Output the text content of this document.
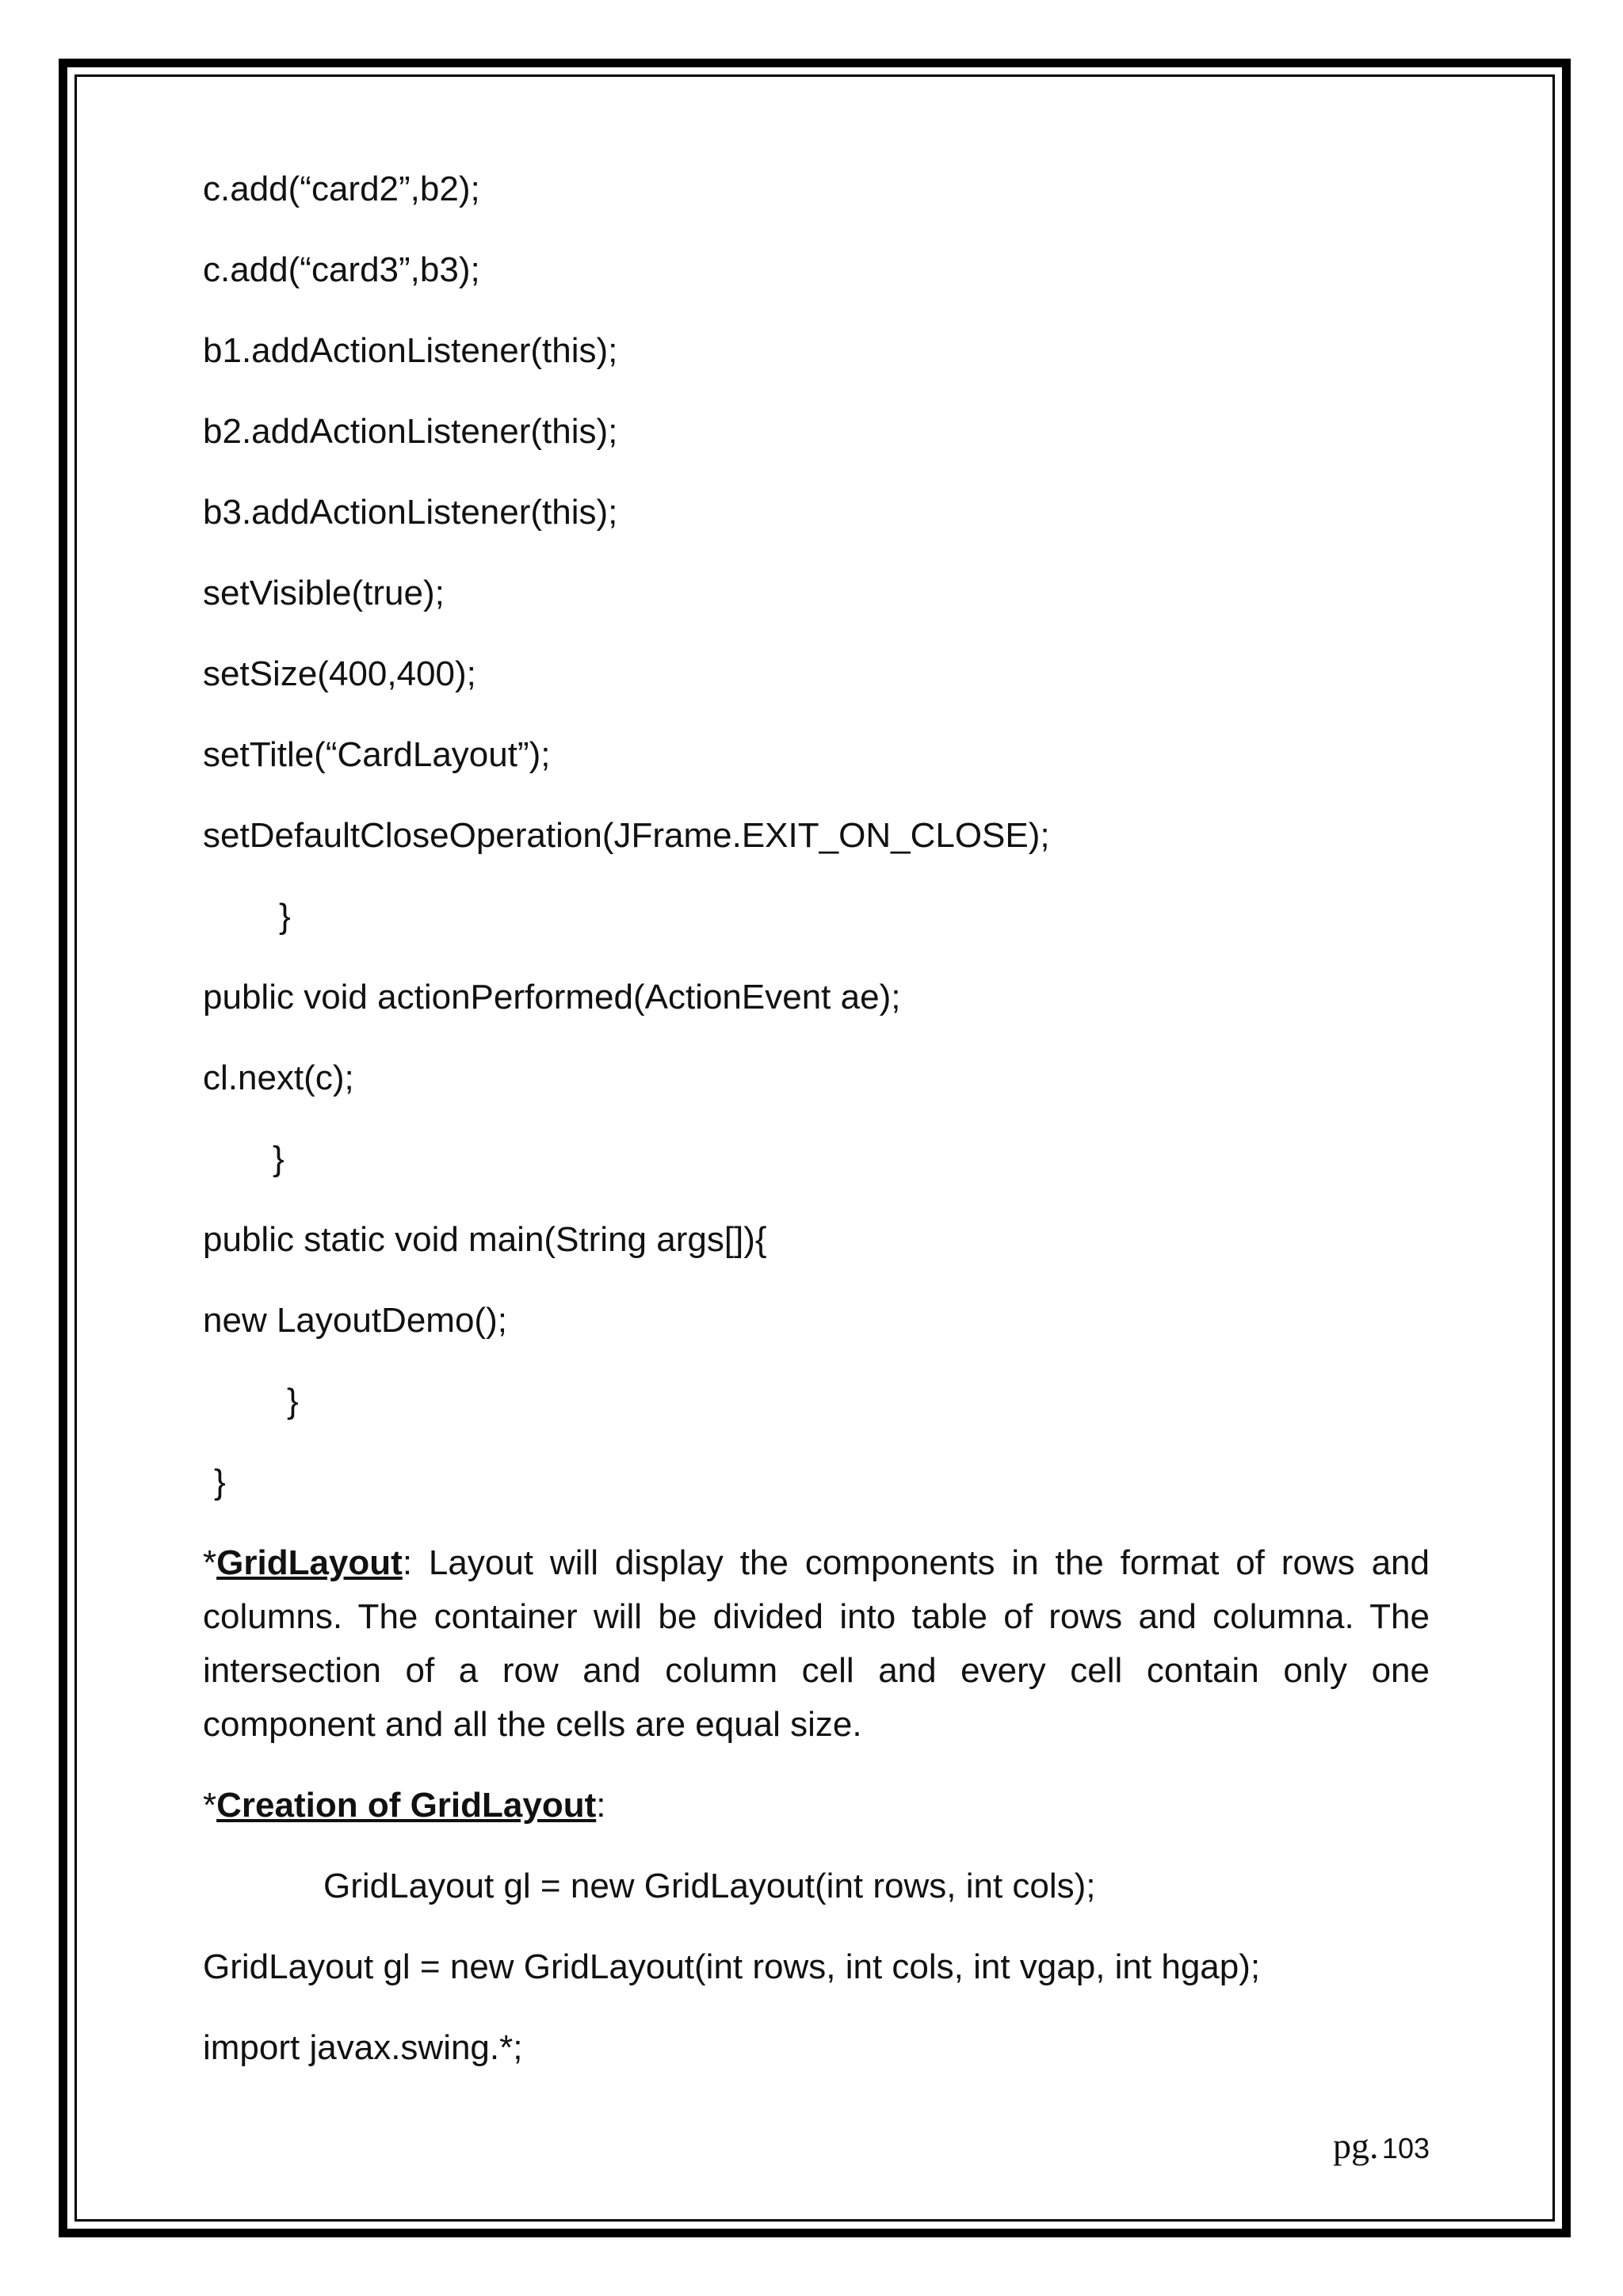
c.add(“card2”,b2);
c.add(“card3”,b3);
b1.addActionListener(this);
b2.addActionListener(this);
b3.addActionListener(this);
setVisible(true);
setSize(400,400);
setTitle(“CardLayout”);
setDefaultCloseOperation(JFrame.EXIT_ON_CLOSE);
}
public void actionPerformed(ActionEvent ae);
cl.next(c);
}
public static void main(String args[]){
new LayoutDemo();
}
}
*GridLayout: Layout will display the components in the format of rows and columns. The container will be divided into table of rows and columna. The intersection of a row and column cell and every cell contain only one component and all the cells are equal size.
*Creation of GridLayout:
GridLayout gl = new GridLayout(int rows, int cols);
GridLayout gl = new GridLayout(int rows, int cols, int vgap, int hgap);
import javax.swing.*;
pg. 103
